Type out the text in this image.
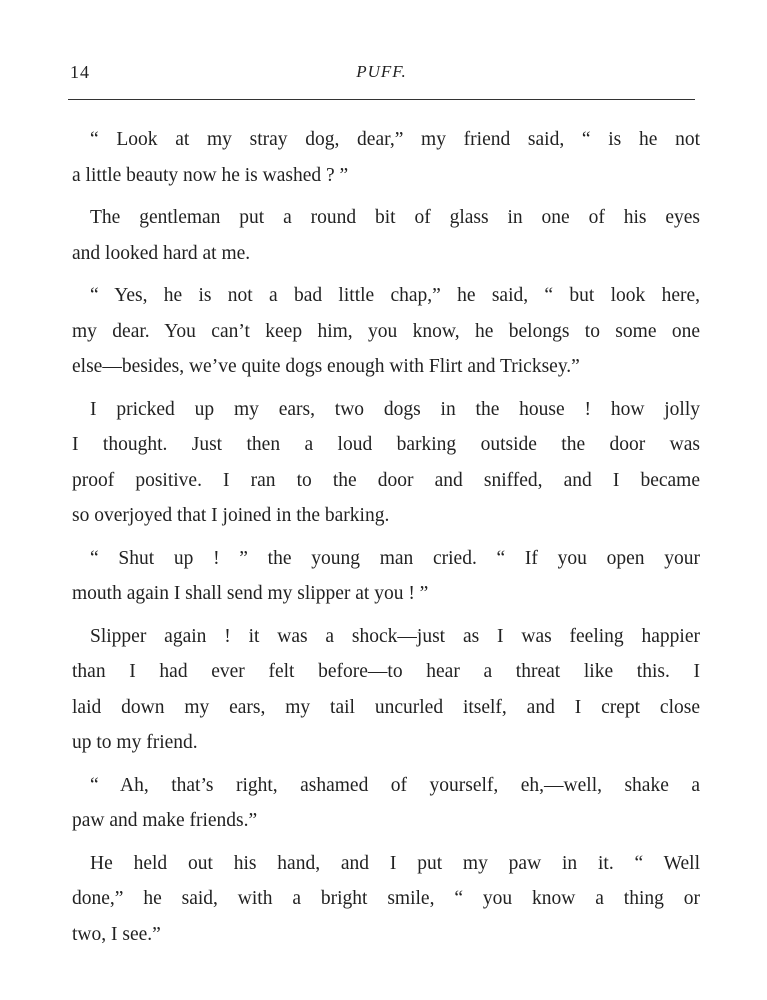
14	PUFF.

“ Look at my stray dog, dear,” my friend said, “ is he not
a little beauty now he is washed ? ”

The gentleman put a round bit of glass in one of his eyes
and looked hard at me.

“ Yes, he is not a bad little chap,” he said, “ but look here,
my dear. You can’t keep him, you know, he belongs to some one
else—besides, we’ve quite dogs enough with Flirt and Tricksey.”

I pricked up my ears, two dogs in the house ! how jolly
I thought. Just then a loud barking outside the door was
proof positive. I ran to the door and sniffed, and I became
so overjoyed that I joined in the barking.

“ Shut up ! ” the young man cried. “ If you open your
mouth again I shall send my slipper at you ! ”

Slipper again ! it was a shock—just as I was feeling happier
than I had ever felt before—to hear a threat like this. I
laid down my ears, my tail uncurled itself, and I crept close
up to my friend.

“ Ah, that’s right, ashamed of yourself, eh,—well, shake a
paw and make friends.”

He held out his hand, and I put my paw in it. “ Well
done,” he said, with a bright smile, “ you know a thing or
two, I see.”
